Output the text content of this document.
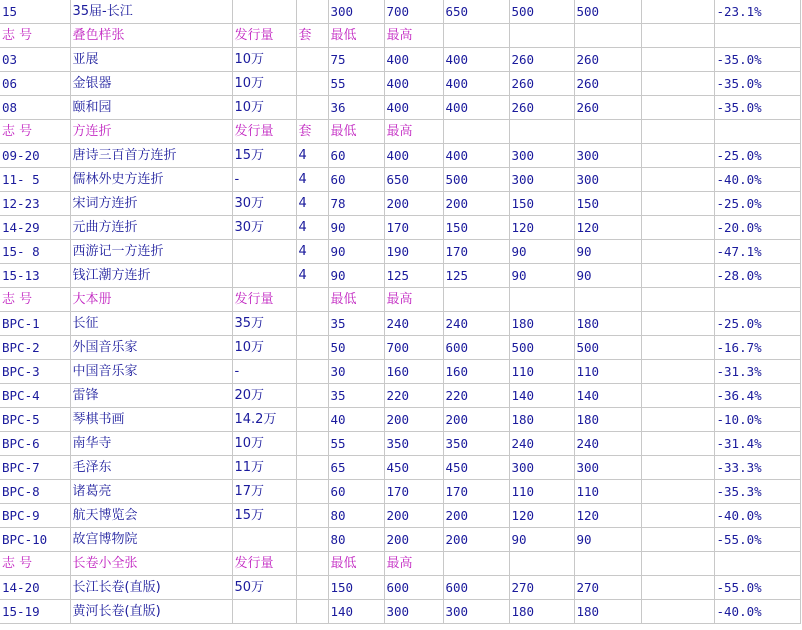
15	35届-长江			300	700	650	500	500		-23.1%
志 号	叠色样张	发行量	套	最低	最高					
03	亚展	10万		75	400	400	260	260		-35.0%
06	金银器	10万		55	400	400	260	260		-35.0%
08	颐和园	10万		36	400	400	260	260		-35.0%
志 号	方连折	发行量	套	最低	最高					
09-20	唐诗三百首方连折	15万	4	60	400	400	300	300		-25.0%
11- 5	儒林外史方连折	-	4	60	650	500	300	300		-40.0%
12-23	宋词方连折	30万	4	78	200	200	150	150		-25.0%
14-29	元曲方连折	30万	4	90	170	150	120	120		-20.0%
15- 8	西游记一方连折		4	90	190	170	90	90		-47.1%
15-13	钱江潮方连折		4	90	125	125	90	90		-28.0%
志 号	大本册	发行量		最低	最高					
BPC-1	长征	35万		35	240	240	180	180		-25.0%
BPC-2	外国音乐家	10万		50	700	600	500	500		-16.7%
BPC-3	中国音乐家	-		30	160	160	110	110		-31.3%
BPC-4	雷锋	20万		35	220	220	140	140		-36.4%
BPC-5	琴棋书画	14.2万		40	200	200	180	180		-10.0%
BPC-6	南华寺	10万		55	350	350	240	240		-31.4%
BPC-7	毛泽东	11万		65	450	450	300	300		-33.3%
BPC-8	诸葛亮	17万		60	170	170	110	110		-35.3%
BPC-9	航天博览会	15万		80	200	200	120	120		-40.0%
BPC-10	故宫博物院			80	200	200	90	90		-55.0%
志 号	长卷小全张	发行量		最低	最高					
14-20	长江长卷(直版)	50万		150	600	600	270	270		-55.0%
15-19	黄河长卷(直版)			140	300	300	180	180		-40.0%
